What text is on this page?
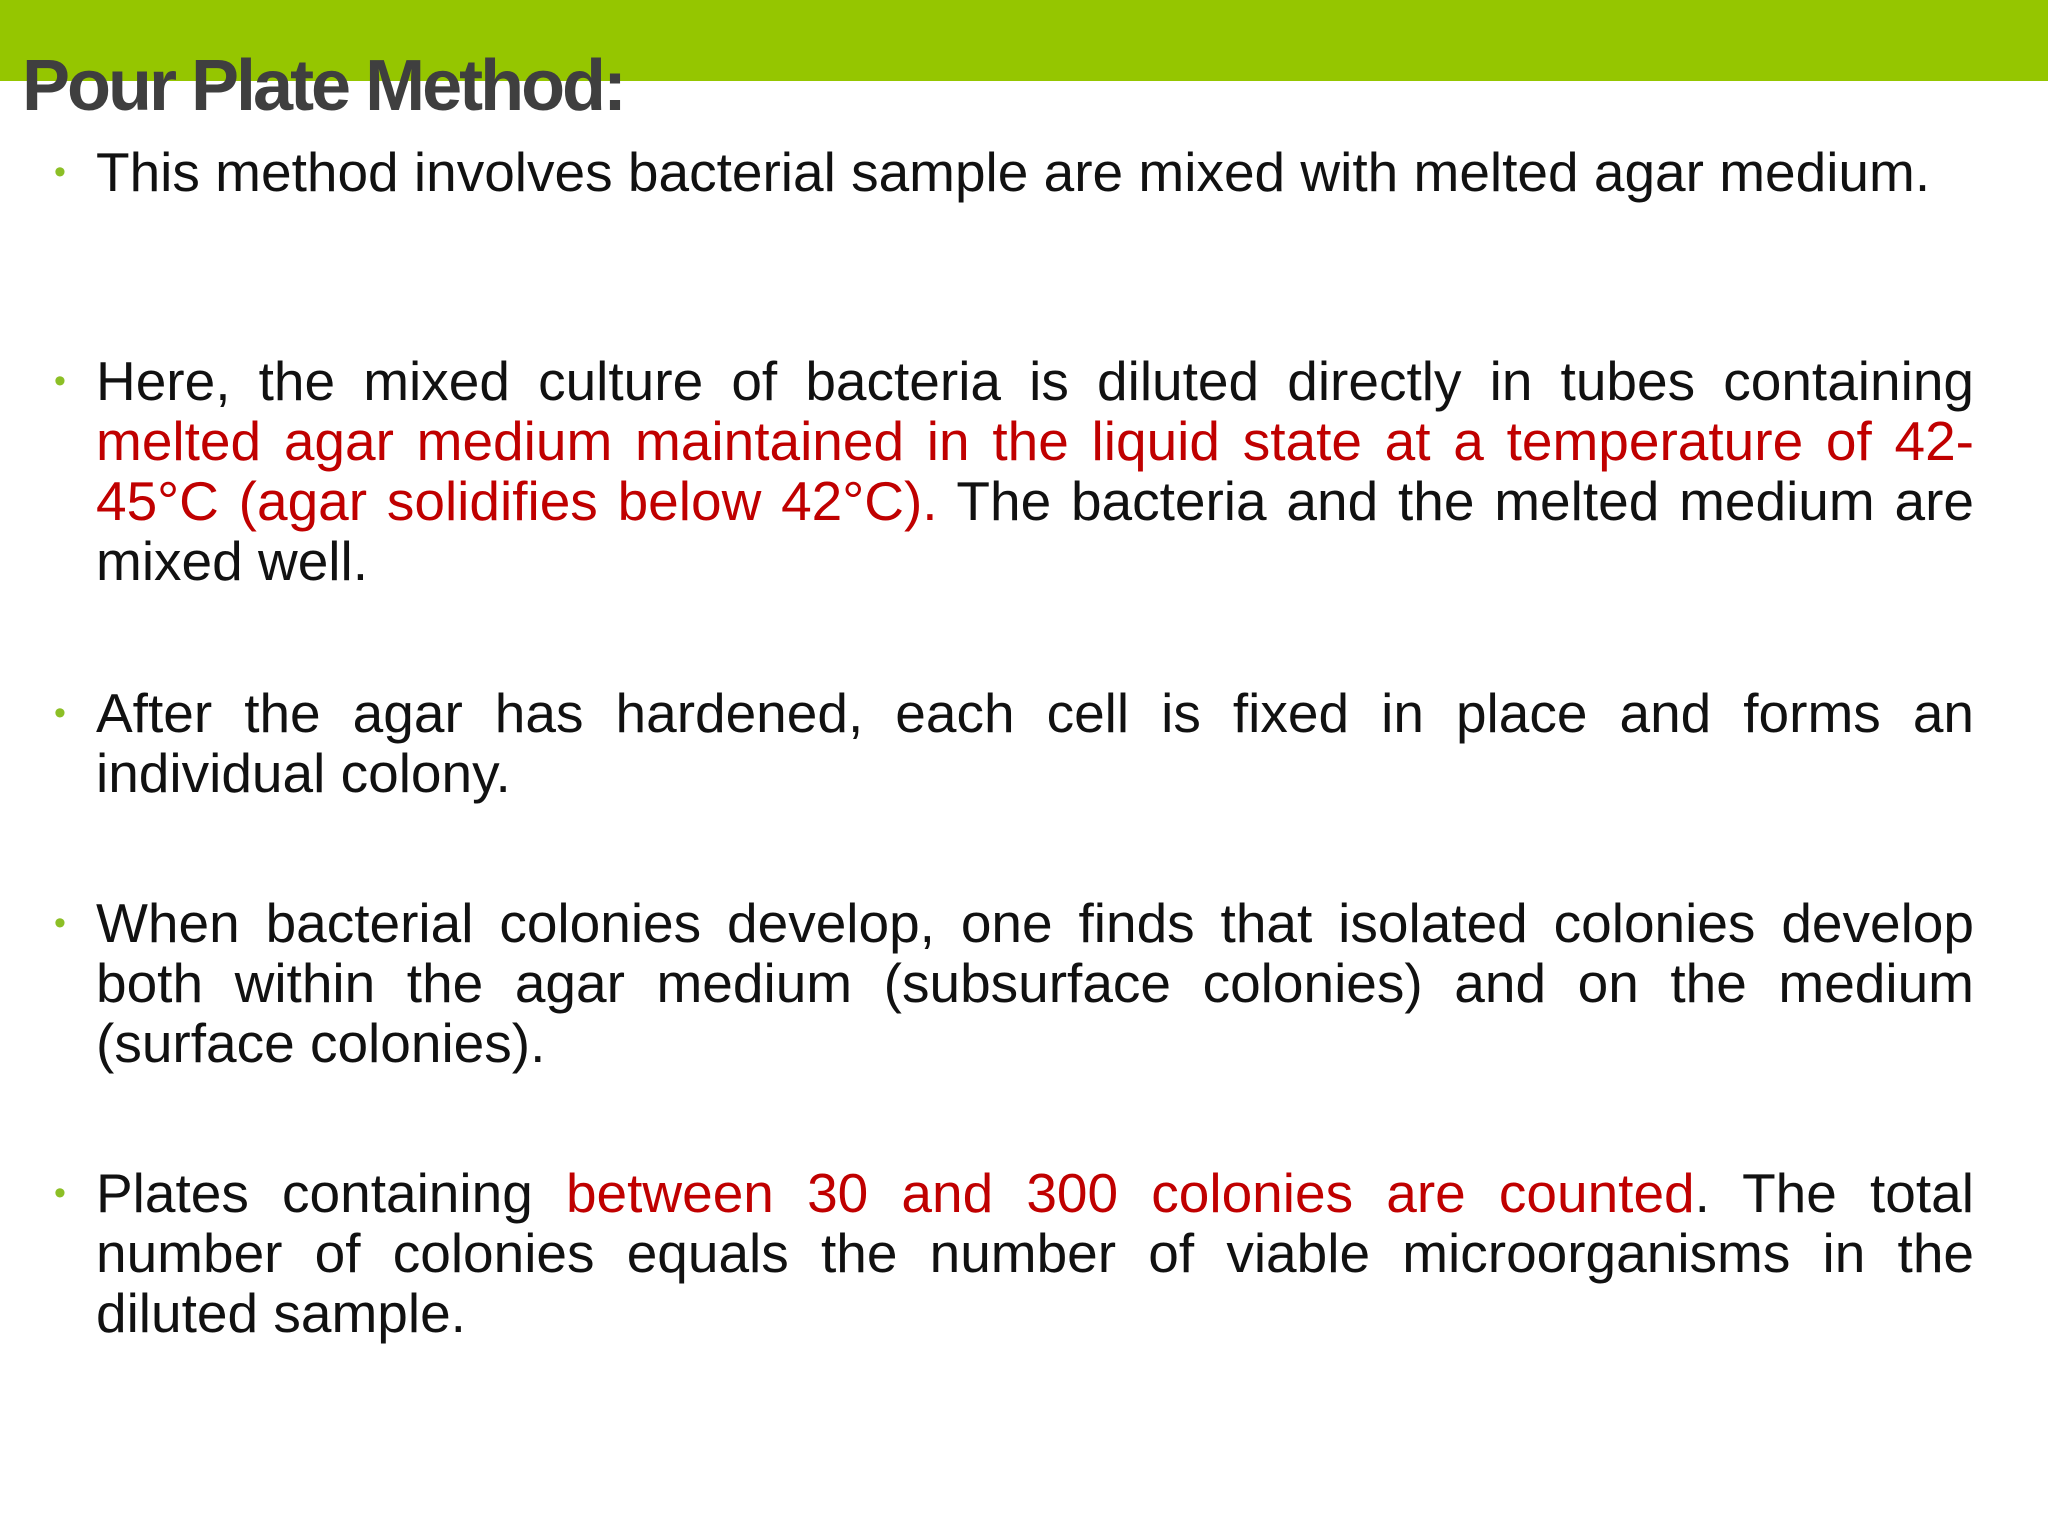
Pour Plate Method:
• This method involves bacterial sample are mixed with melted agar medium.
• Here, the mixed culture of bacteria is diluted directly in tubes containing melted agar medium maintained in the liquid state at a temperature of 42-45°C (agar solidifies below 42°C). The bacteria and the melted medium are mixed well.
• After the agar has hardened, each cell is fixed in place and forms an individual colony.
• When bacterial colonies develop, one finds that isolated colonies develop both within the agar medium (subsurface colonies) and on the medium (surface colonies).
• Plates containing between 30 and 300 colonies are counted. The total number of colonies equals the number of viable microorganisms in the diluted sample.
